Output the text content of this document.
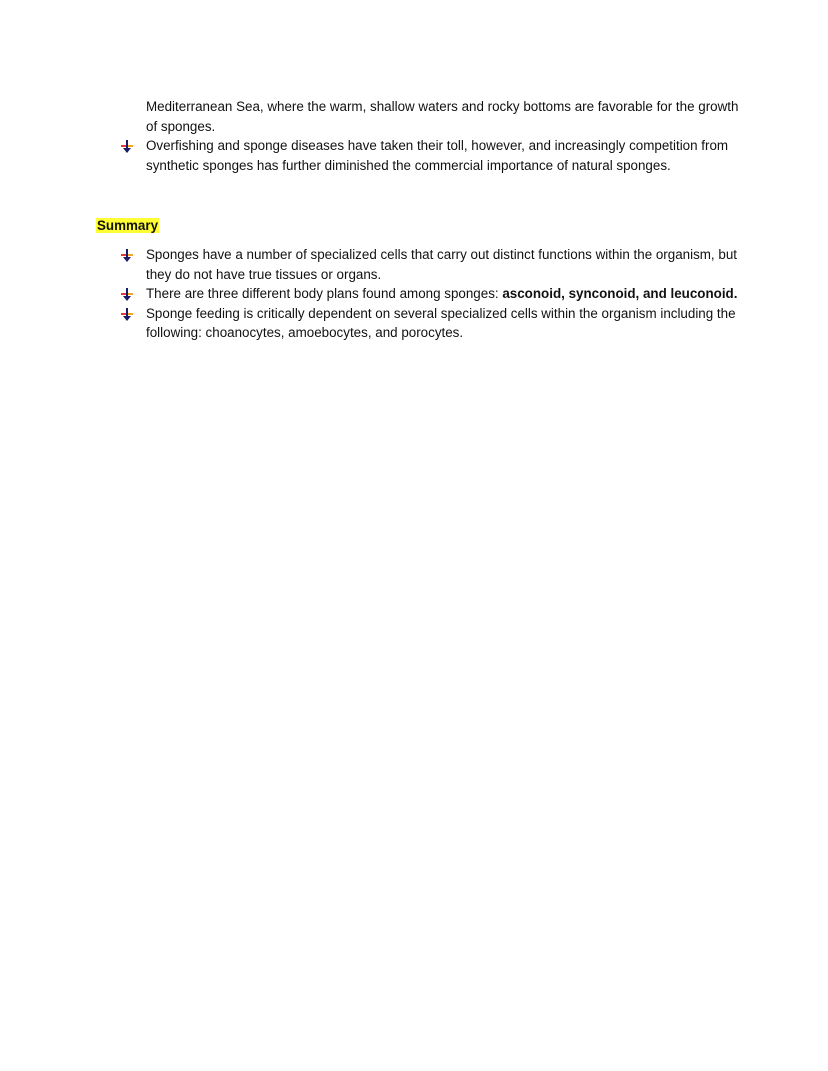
Mediterranean Sea, where the warm, shallow waters and rocky bottoms are favorable for the growth of sponges.
Overfishing and sponge diseases have taken their toll, however, and increasingly competition from synthetic sponges has further diminished the commercial importance of natural sponges.
Summary
Sponges have a number of specialized cells that carry out distinct functions within the organism, but they do not have true tissues or organs.
There are three different body plans found among sponges: asconoid, synconoid, and leuconoid.
Sponge feeding is critically dependent on several specialized cells within the organism including the following: choanocytes, amoebocytes, and porocytes.
